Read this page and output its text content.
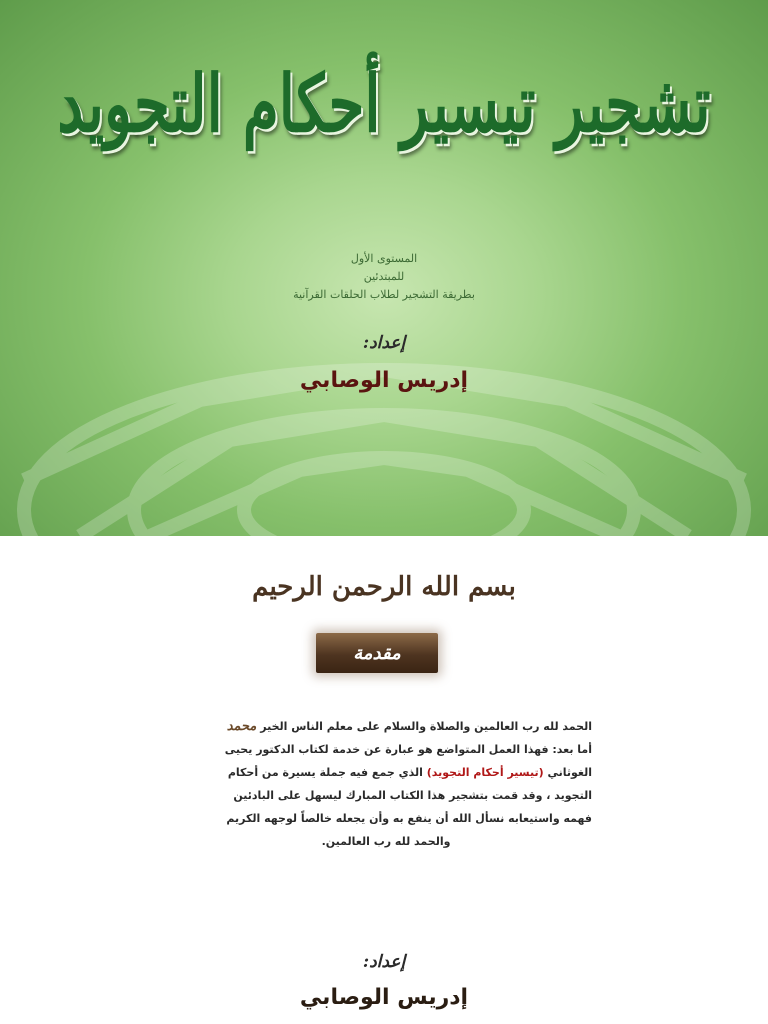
تشجير تيسير أحكام التجويد
المستوى الأول
للمبتدئين
بطريقة التشجير لطلاب الحلقات القرآنية
إعداد:
إدريس الوصابي
بسم الله الرحمن الرحيم
مقدمة

الحمد لله رب العالمين والصلاة والسلام على معلم الناس الخير محمد

أما بعد: فهذا العمل المتواضع هو عبارة عن خدمة لكتاب الدكتور يحيى

الغوثاني (تيسير أحكام التجويد) الذي جمع فيه جملة يسيرة من أحكام

التجويد ، وقد قمت بتشجير هذا الكتاب المبارك ليسهل على البادئين

فهمه واستيعابه نسأل الله أن ينفع به وأن يجعله خالصاً لوجهه الكريم

والحمد لله رب العالمين.

إعداد:
إدريس الوصابي
